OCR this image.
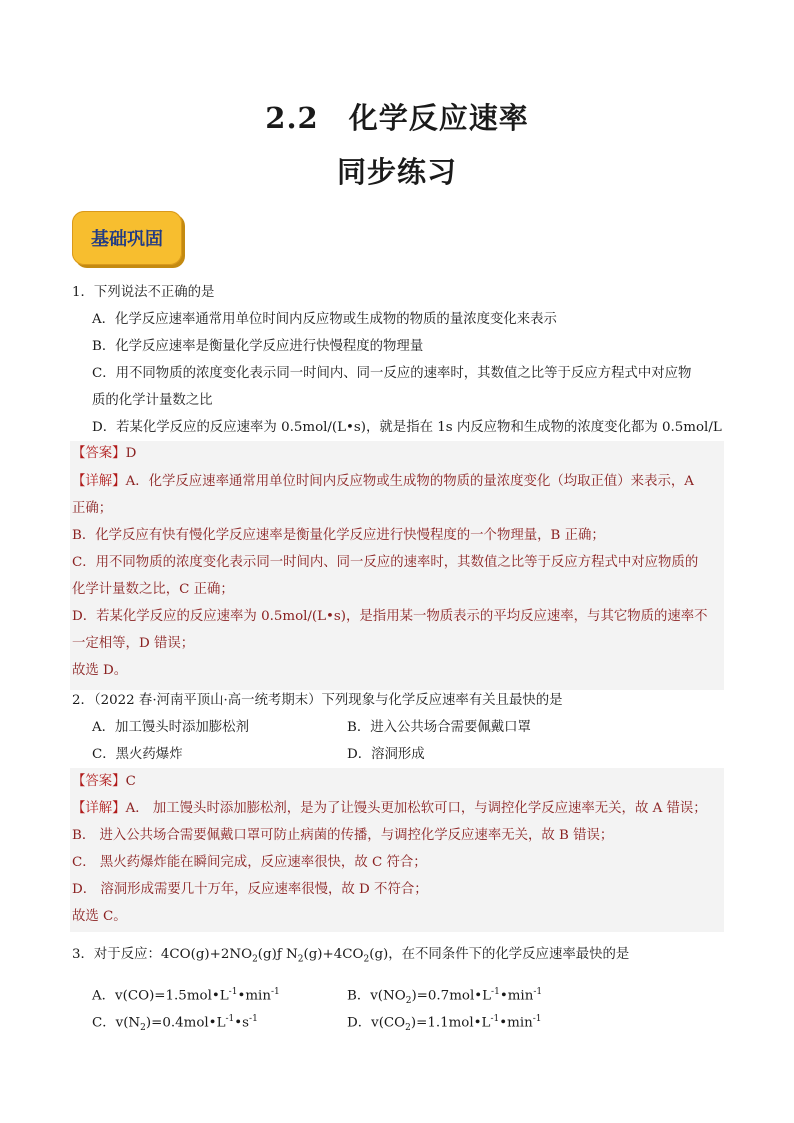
2.2　化学反应速率
同步练习
基础巩固
1．下列说法不正确的是
A．化学反应速率通常用单位时间内反应物或生成物的物质的量浓度变化来表示
B．化学反应速率是衡量化学反应进行快慢程度的物理量
C．用不同物质的浓度变化表示同一时间内、同一反应的速率时，其数值之比等于反应方程式中对应物
质的化学计量数之比
D．若某化学反应的反应速率为 0.5mol/(L•s)，就是指在 1s 内反应物和生成物的浓度变化都为 0.5mol/L
【答案】D
【详解】A．化学反应速率通常用单位时间内反应物或生成物的物质的量浓度变化（均取正值）来表示，A
正确；
B．化学反应有快有慢化学反应速率是衡量化学反应进行快慢程度的一个物理量，B 正确；
C．用不同物质的浓度变化表示同一时间内、同一反应的速率时，其数值之比等于反应方程式中对应物质的
化学计量数之比，C 正确；
D．若某化学反应的反应速率为 0.5mol/(L•s)，是指用某一物质表示的平均反应速率，与其它物质的速率不
一定相等，D 错误；
故选 D。
2．（2022 春·河南平顶山·高一统考期末）下列现象与化学反应速率有关且最快的是
A．加工馒头时添加膨松剂	B．进入公共场合需要佩戴口罩
C．黑火药爆炸	D．溶洞形成
【答案】C
【详解】A． 加工馒头时添加膨松剂，是为了让馒头更加松软可口，与调控化学反应速率无关，故 A 错误；
B． 进入公共场合需要佩戴口罩可防止病菌的传播，与调控化学反应速率无关，故 B 错误；
C． 黑火药爆炸能在瞬间完成，反应速率很快，故 C 符合；
D． 溶洞形成需要几十万年，反应速率很慢，故 D 不符合；
故选 C。
3．对于反应：$4CO(g)+2NO_2(g)ƒ$ $N_2(g)+4CO_2(g)$，在不同条件下的化学反应速率最快的是
A．$v(CO)=1.5mol•L^{-1}•\min^{-1}$	B．$v(NO_2)=0.7mol•L^{-1}•\min^{-1}$
C．$v(N_2)=0.4mol•L^{-1}•s^{-1}$	D．$v(CO_2)=1.1mol•L^{-1}•\min^{-1}$
